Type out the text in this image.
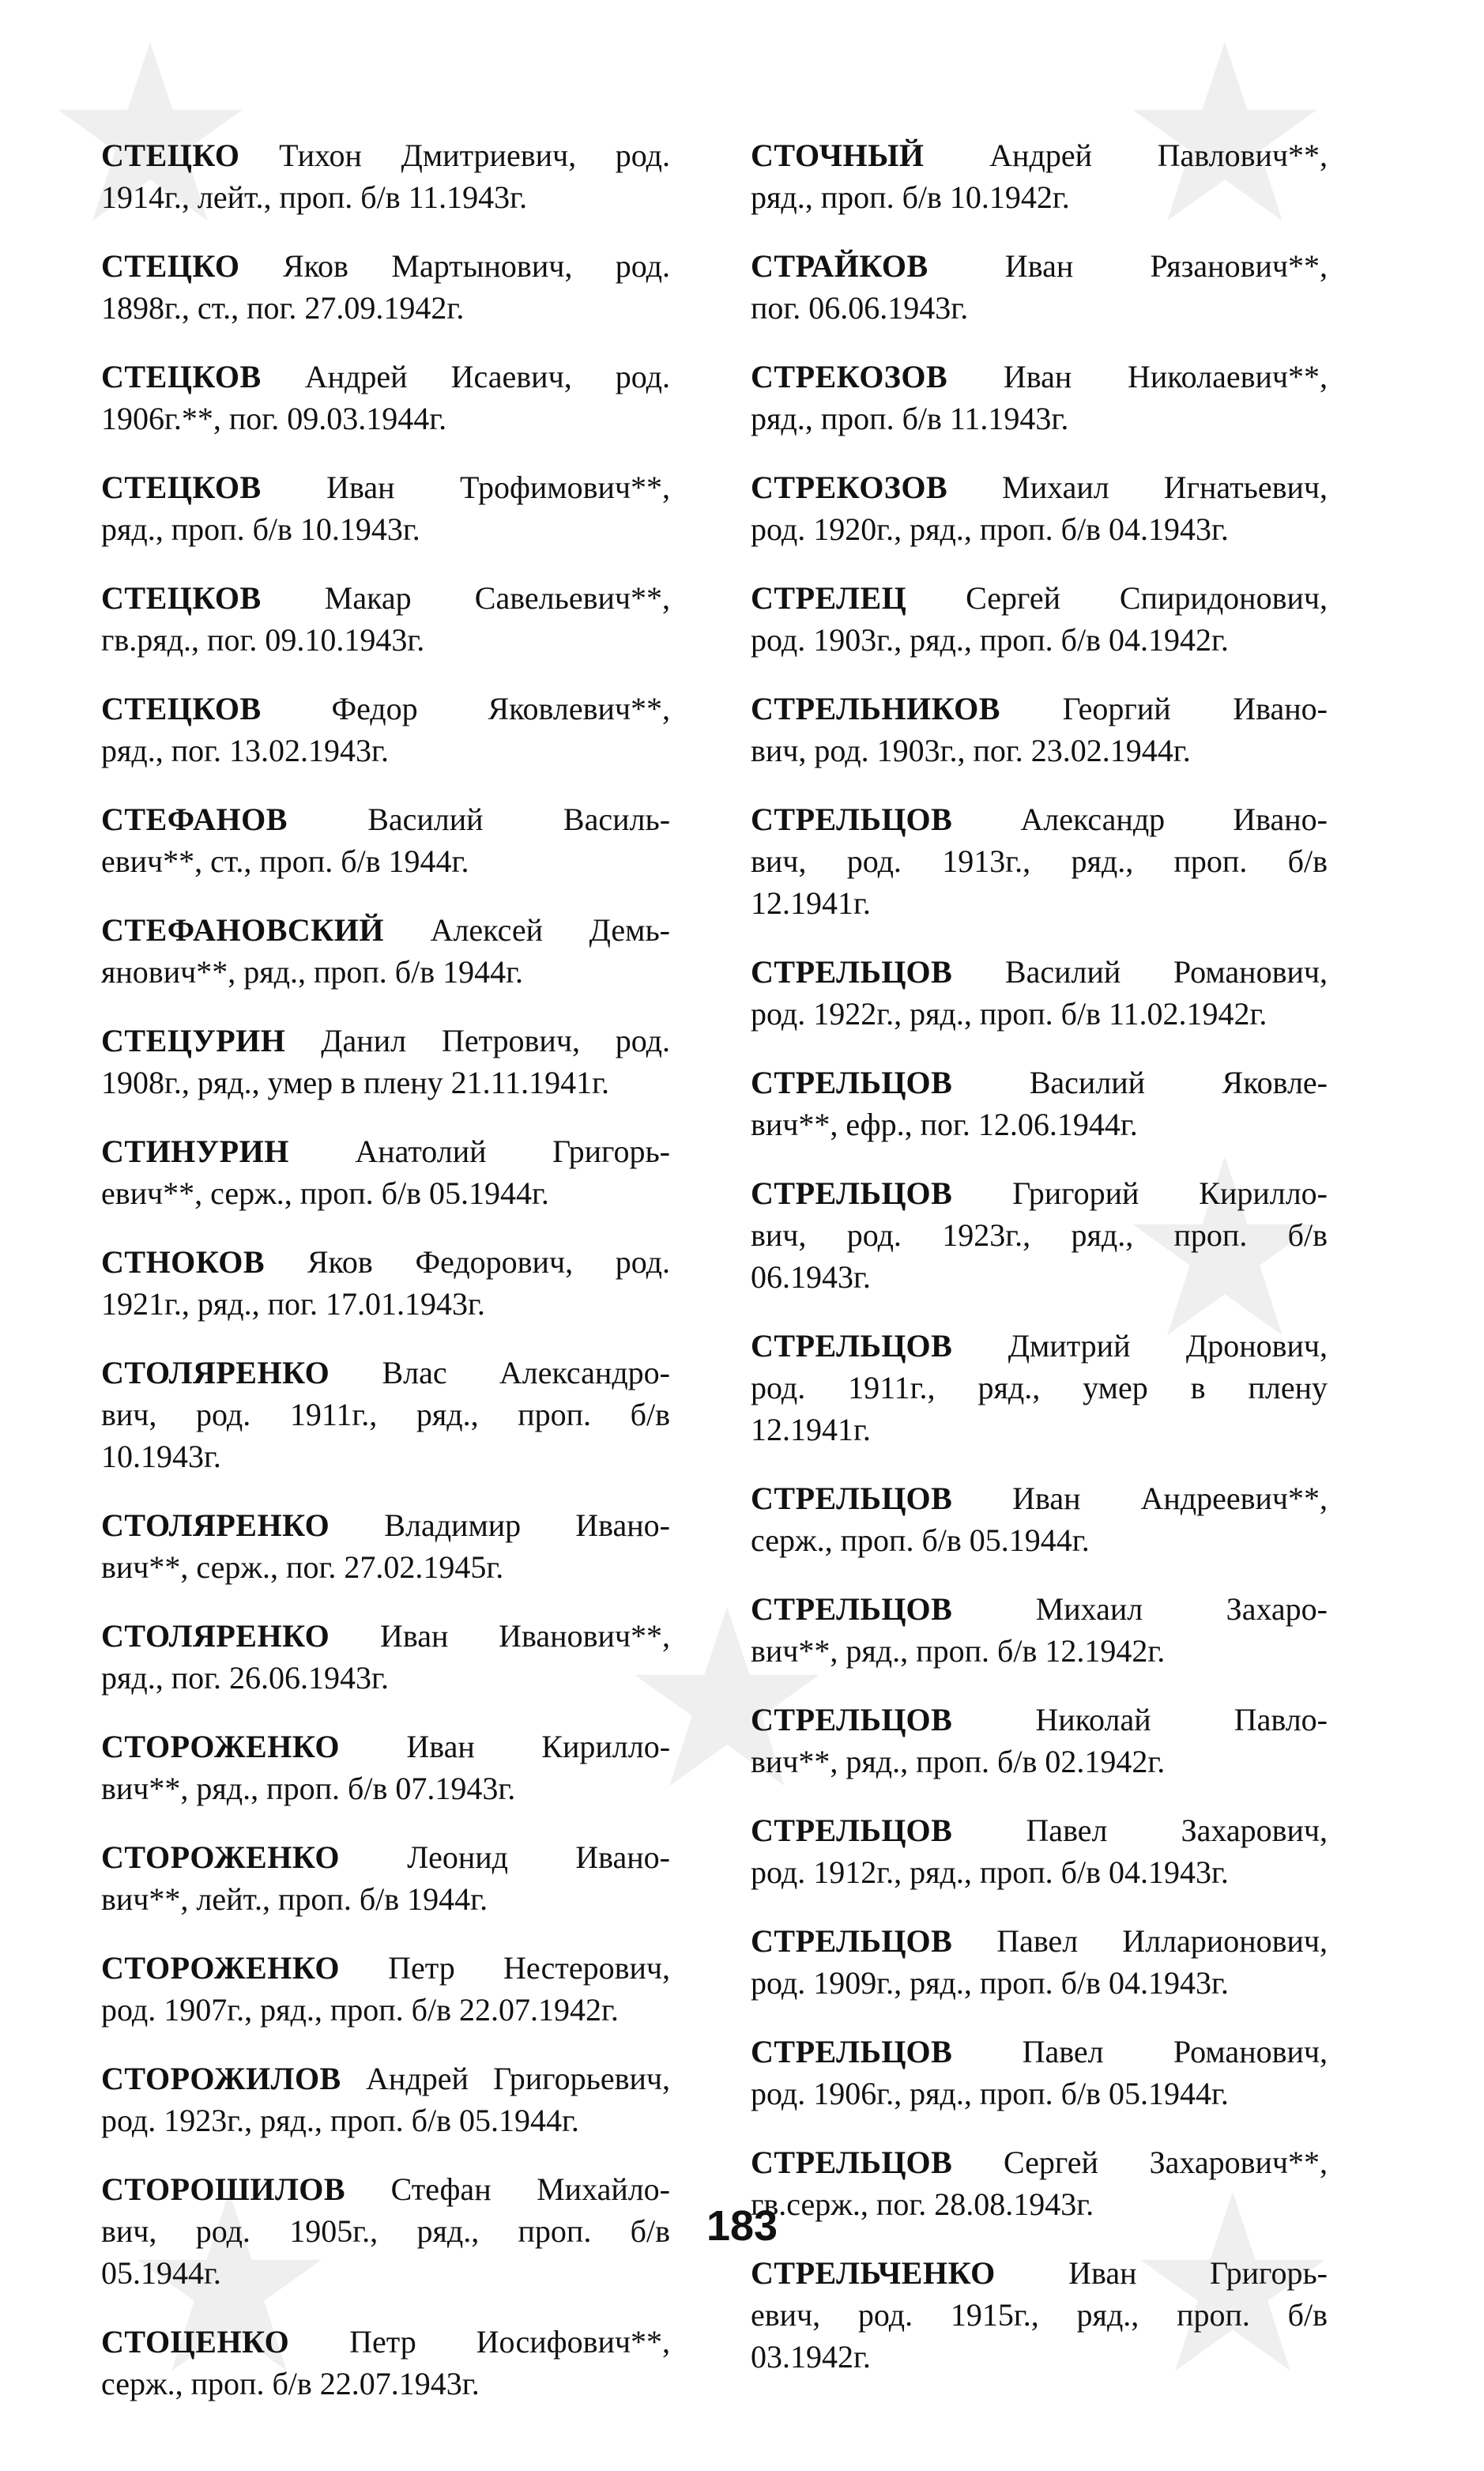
СТЕЦКО Тихон Дмитриевич, род.
1914г., лейт., проп. б/в 11.1943г.
СТЕЦКО Яков Мартынович, род.
1898г., ст., пог. 27.09.1942г.
СТЕЦКОВ Андрей Исаевич, род.
1906г.**, пог. 09.03.1944г.
СТЕЦКОВ Иван Трофимович**,
ряд., проп. б/в 10.1943г.
СТЕЦКОВ Макар Савельевич**,
гв.ряд., пог. 09.10.1943г.
СТЕЦКОВ Федор Яковлевич**,
ряд., пог. 13.02.1943г.
СТЕФАНОВ	Василий Василь-
евич**, ст., проп. б/в 1944г.
СТЕФАНОВСКИЙ Алексей Демь-
янович**, ряд., проп. б/в 1944г.
СТЕЦУРИН Данил Петрович, род.
1908г., ряд., умер в плену 21.11.1941г.
СТИНУРИН Анатолий Григорь-
евич**, серж., проп. б/в 05.1944г.
СТНОКОВ Яков Федорович, род.
1921г., ряд., пог. 17.01.1943г.
СТОЛЯРЕНКО Влас Александро-
вич, род. 1911г., ряд., проп. б/в
10.1943г.
СТОЛЯРЕНКО Владимир Ивано-
вич**, серж., пог. 27.02.1945г.
СТОЛЯРЕНКО Иван Иванович**,
ряд., пог. 26.06.1943г.
СТОРОЖЕНКО Иван Кирилло-
вич**, ряд., проп. б/в 07.1943г.
СТОРОЖЕНКО Леонид Ивано-
вич**, лейт., проп. б/в 1944г.
СТОРОЖЕНКО Петр Нестерович,
род. 1907г., ряд., проп. б/в 22.07.1942г.
СТОРОЖИЛОВ Андрей Григорьевич,
род. 1923г., ряд., проп. б/в 05.1944г.
СТОРОШИЛОВ Стефан Михайло-
вич, род. 1905г., ряд., проп. б/в
05.1944г.
СТОЦЕНКО Петр Иосифович**,
серж., проп. б/в 22.07.1943г.
СТОЧНЫЙ Андрей Павлович**,
ряд., проп. б/в 10.1942г.
СТРАЙКОВ Иван Рязанович**,
пог. 06.06.1943г.
СТРЕКОЗОВ Иван Николаевич**,
ряд., проп. б/в 11.1943г.
СТРЕКОЗОВ Михаил Игнатьевич,
род. 1920г., ряд., проп. б/в 04.1943г.
СТРЕЛЕЦ Сергей Спиридонович,
род. 1903г., ряд., проп. б/в 04.1942г.
СТРЕЛЬНИКОВ Георгий Ивано-
вич, род. 1903г., пог. 23.02.1944г.
СТРЕЛЬЦОВ Александр Ивано-
вич, род. 1913г., ряд., проп. б/в
12.1941г.
СТРЕЛЬЦОВ Василий Романович,
род. 1922г., ряд., проп. б/в 11.02.1942г.
СТРЕЛЬЦОВ Василий Яковле-
вич**, ефр., пог. 12.06.1944г.
СТРЕЛЬЦОВ Григорий Кирилло-
вич, род. 1923г., ряд., проп. б/в
06.1943г.
СТРЕЛЬЦОВ Дмитрий Дронович,
род. 1911г., ряд., умер в плену
12.1941г.
СТРЕЛЬЦОВ Иван Андреевич**,
серж., проп. б/в 05.1944г.
СТРЕЛЬЦОВ	Михаил Захаро-
вич**, ряд., проп. б/в 12.1942г.
СТРЕЛЬЦОВ	Николай Павло-
вич**, ряд., проп. б/в 02.1942г.
СТРЕЛЬЦОВ Павел Захарович,
род. 1912г., ряд., проп. б/в 04.1943г.
СТРЕЛЬЦОВ Павел Илларионович,
род. 1909г., ряд., проп. б/в 04.1943г.
СТРЕЛЬЦОВ Павел Романович,
род. 1906г., ряд., проп. б/в 05.1944г.
СТРЕЛЬЦОВ Сергей Захарович**,
гв.серж., пог. 28.08.1943г.
СТРЕЛЬЧЕНКО Иван Григорь-
евич, род. 1915г., ряд., проп. б/в
03.1942г.
183
